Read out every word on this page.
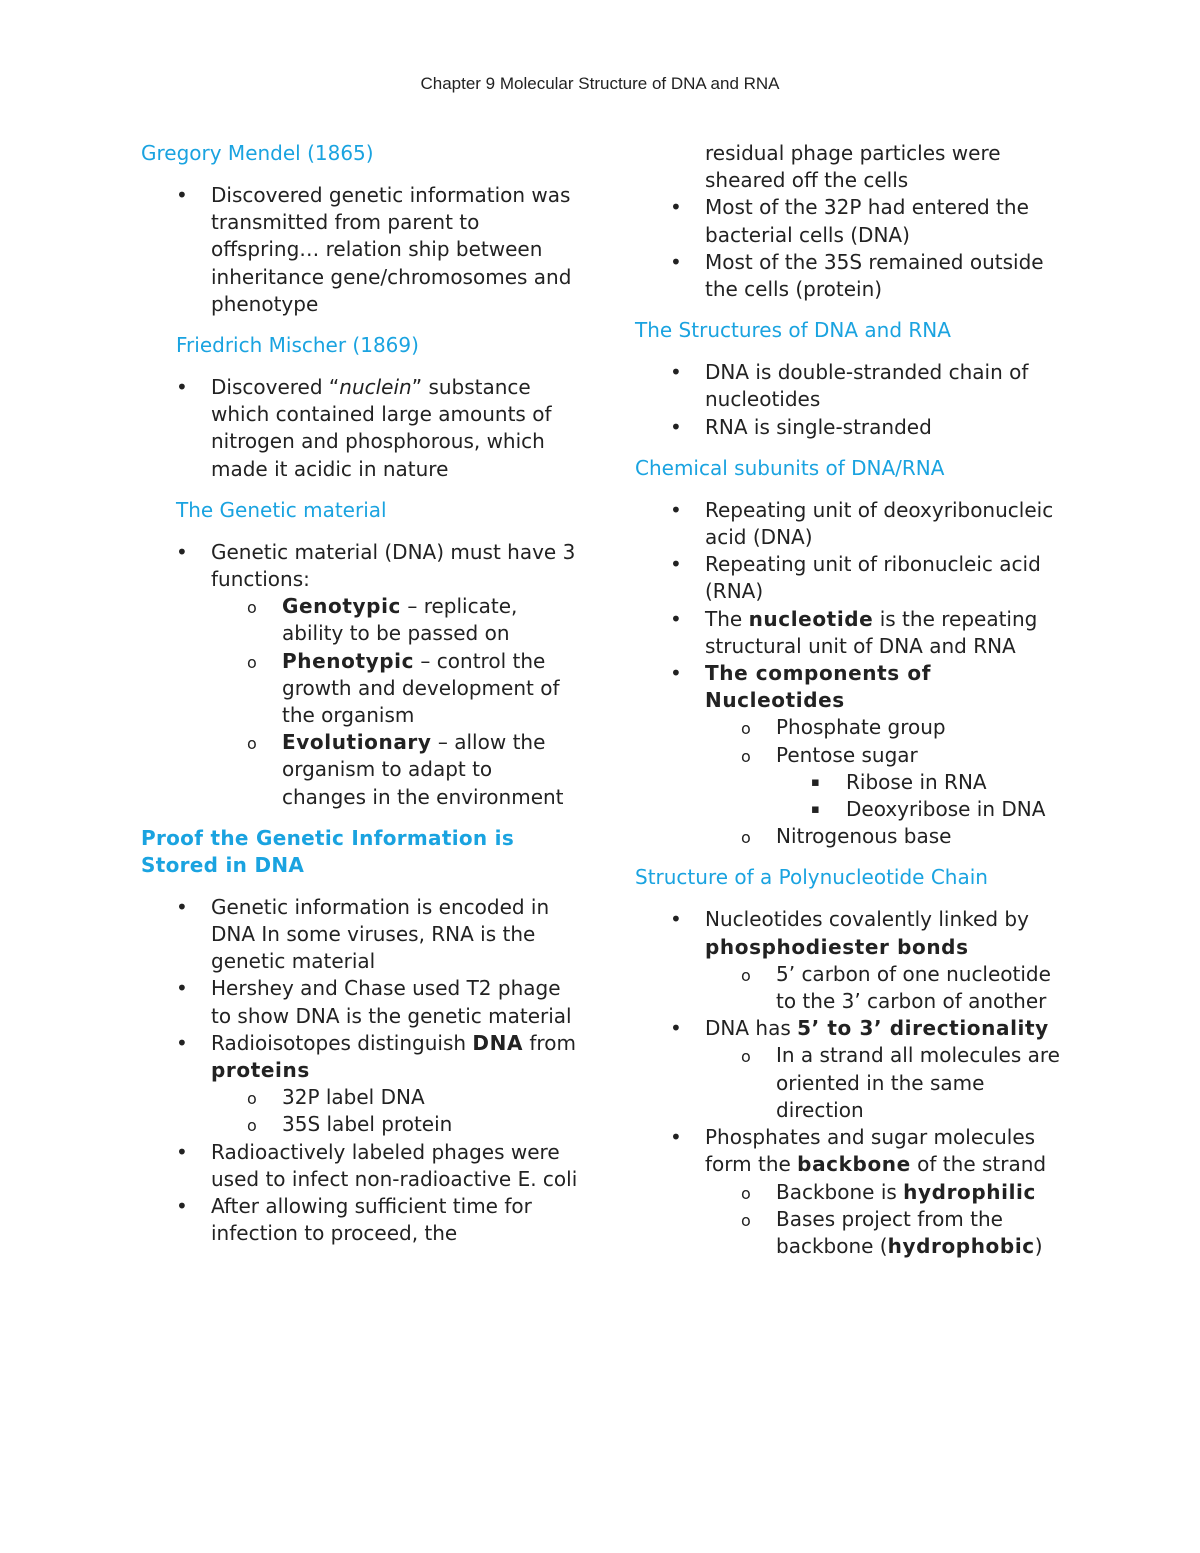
Chapter 9 Molecular Structure of DNA and RNA
Gregory Mendel (1865)
• Discovered genetic information was transmitted from parent to offspring… relation ship between inheritance gene/chromosomes and phenotype
Friedrich Mischer (1869)
• Discovered “nuclein” substance which contained large amounts of nitrogen and phosphorous, which made it acidic in nature
The Genetic material
• Genetic material (DNA) must have 3 functions:
o Genotypic – replicate, ability to be passed on
o Phenotypic – control the growth and development of the organism
o Evolutionary – allow the organism to adapt to changes in the environment
Proof the Genetic Information is Stored in DNA
• Genetic information is encoded in DNA In some viruses, RNA is the genetic material
• Hershey and Chase used T2 phage to show DNA is the genetic material
• Radioisotopes distinguish DNA from proteins
o 32P label DNA
o 35S label protein
• Radioactively labeled phages were used to infect non-radioactive E. coli
• After allowing sufficient time for infection to proceed, the
residual phage particles were sheared off the cells
• Most of the 32P had entered the bacterial cells (DNA)
• Most of the 35S remained outside the cells (protein)
The Structures of DNA and RNA
• DNA is double-stranded chain of nucleotides
• RNA is single-stranded
Chemical subunits of DNA/RNA
• Repeating unit of deoxyribonucleic acid (DNA)
• Repeating unit of ribonucleic acid (RNA)
• The nucleotide is the repeating structural unit of DNA and RNA
• The components of Nucleotides
o Phosphate group
o Pentose sugar
▪ Ribose in RNA
▪ Deoxyribose in DNA
o Nitrogenous base
Structure of a Polynucleotide Chain
• Nucleotides covalently linked by phosphodiester bonds
o 5’ carbon of one nucleotide to the 3’ carbon of another
• DNA has 5’ to 3’ directionality
o In a strand all molecules are oriented in the same direction
• Phosphates and sugar molecules form the backbone of the strand
o Backbone is hydrophilic
o Bases project from the backbone (hydrophobic)
